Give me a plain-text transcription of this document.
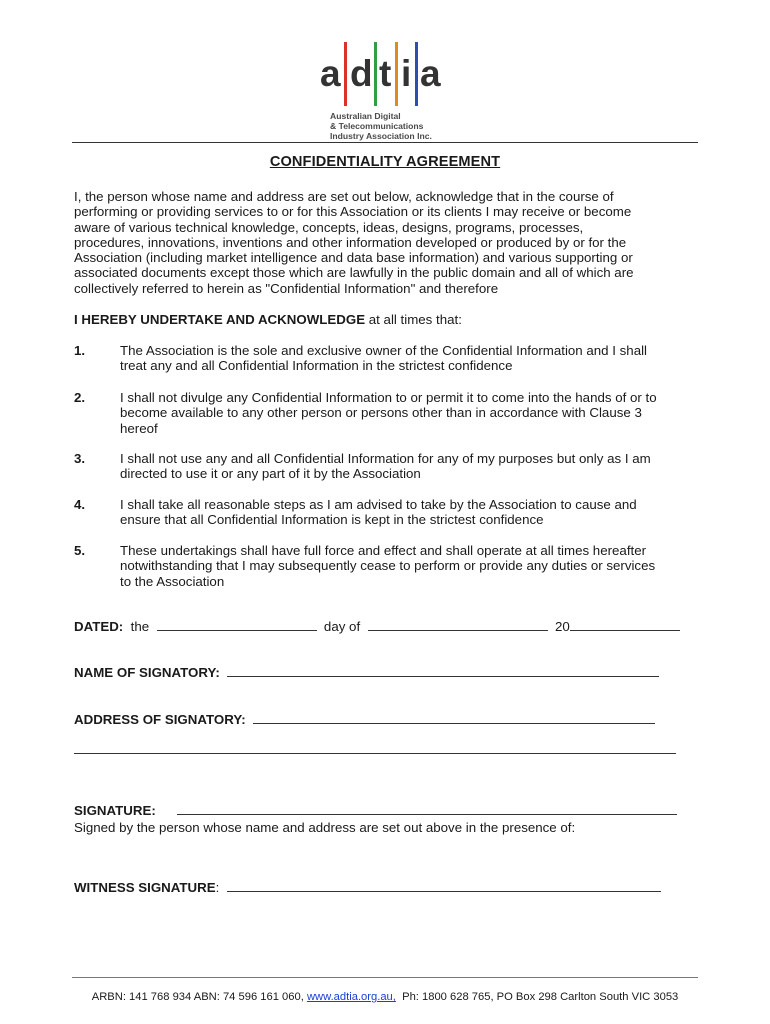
a d t i a
Australian Digital
& Telecommunications
Industry Association Inc.
CONFIDENTIALITY AGREEMENT
I, the person whose name and address are set out below, acknowledge that in the course of
performing or providing services to or for this Association or its clients I may receive or become
aware of various technical knowledge, concepts, ideas, designs, programs, processes,
procedures, innovations, inventions and other information developed or produced by or for the
Association (including market intelligence and data base information) and various supporting or
associated documents except those which are lawfully in the public domain and all of which are
collectively referred to herein as "Confidential Information" and therefore
I HEREBY UNDERTAKE AND ACKNOWLEDGE at all times that:
1.	The Association is the sole and exclusive owner of the Confidential Information and I shall
treat any and all Confidential Information in the strictest confidence
2.	I shall not divulge any Confidential Information to or permit it to come into the hands of or to
become available to any other person or persons other than in accordance with Clause 3
hereof
3.	I shall not use any and all Confidential Information for any of my purposes but only as I am
directed to use it or any part of it by the Association
4.	I shall take all reasonable steps as I am advised to take by the Association to cause and
ensure that all Confidential Information is kept in the strictest confidence
5.	These undertakings shall have full force and effect and shall operate at all times hereafter
notwithstanding that I may subsequently cease to perform or provide any duties or services
to the Association
DATED: the	day of	20
NAME OF SIGNATORY:
ADDRESS OF SIGNATORY:
SIGNATURE:
Signed by the person whose name and address are set out above in the presence of:
WITNESS SIGNATURE:
ARBN: 141 768 934 ABN: 74 596 161 060, www.adtia.org.au, Ph: 1800 628 765, PO Box 298 Carlton South VIC 3053
